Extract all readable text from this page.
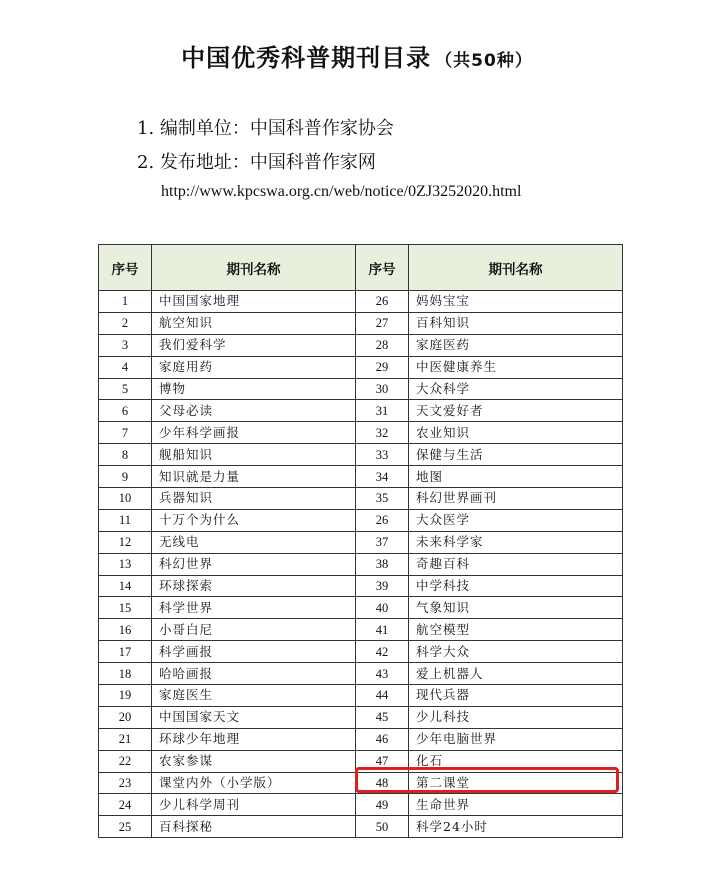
中国优秀科普期刊目录 （共50种）
1. 编制单位：中国科普作家协会
2. 发布地址：中国科普作家网
http://www.kpcswa.org.cn/web/notice/0ZJ3252020.html
序号	期刊名称	序号	期刊名称
1	中国国家地理	26	妈妈宝宝
2	航空知识	27	百科知识
3	我们爱科学	28	家庭医药
4	家庭用药	29	中医健康养生
5	博物	30	大众科学
6	父母必读	31	天文爱好者
7	少年科学画报	32	农业知识
8	舰船知识	33	保健与生活
9	知识就是力量	34	地图
10	兵器知识	35	科幻世界画刊
11	十万个为什么	26	大众医学
12	无线电	37	未来科学家
13	科幻世界	38	奇趣百科
14	环球探索	39	中学科技
15	科学世界	40	气象知识
16	小哥白尼	41	航空模型
17	科学画报	42	科学大众
18	哈哈画报	43	爱上机器人
19	家庭医生	44	现代兵器
20	中国国家天文	45	少儿科技
21	环球少年地理	46	少年电脑世界
22	农家参谋	47	化石
23	课堂内外（小学版）	48	第二课堂
24	少儿科学周刊	49	生命世界
25	百科探秘	50	科学24小时
